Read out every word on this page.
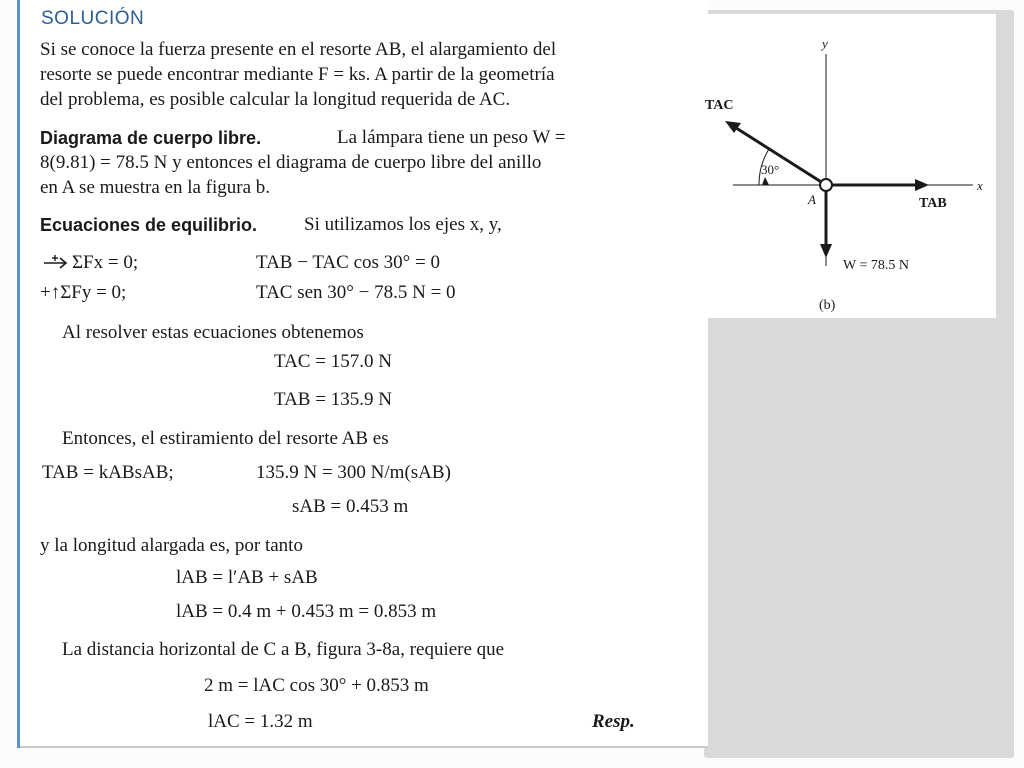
SOLUCIÓN
Si se conoce la fuerza presente en el resorte AB, el alargamiento del
resorte se puede encontrar mediante F = ks. A partir de la geometría
del problema, es posible calcular la longitud requerida de AC.
Diagrama de cuerpo libre.	La lámpara tiene un peso W =
8(9.81) = 78.5 N y entonces el diagrama de cuerpo libre del anillo
en A se muestra en la figura b.
Ecuaciones de equilibrio. Si utilizamos los ejes x, y,
ΣFx = 0;	TAB − TAC cos 30° = 0
+↑ΣFy = 0;	TAC sen 30° − 78.5 N = 0
Al resolver estas ecuaciones obtenemos
TAC = 157.0 N
TAB = 135.9 N
Entonces, el estiramiento del resorte AB es
TAB = kABsAB;	135.9 N = 300 N/m(sAB)
sAB = 0.453 m
y la longitud alargada es, por tanto
lAB = l′AB + sAB
lAB = 0.4 m + 0.453 m = 0.853 m
La distancia horizontal de C a B, figura 3-8a, requiere que
2 m = lAC cos 30° + 0.853 m
lAC = 1.32 m	Resp.
y
x
TAC
TAB
30°
A
W = 78.5 N
(b)
